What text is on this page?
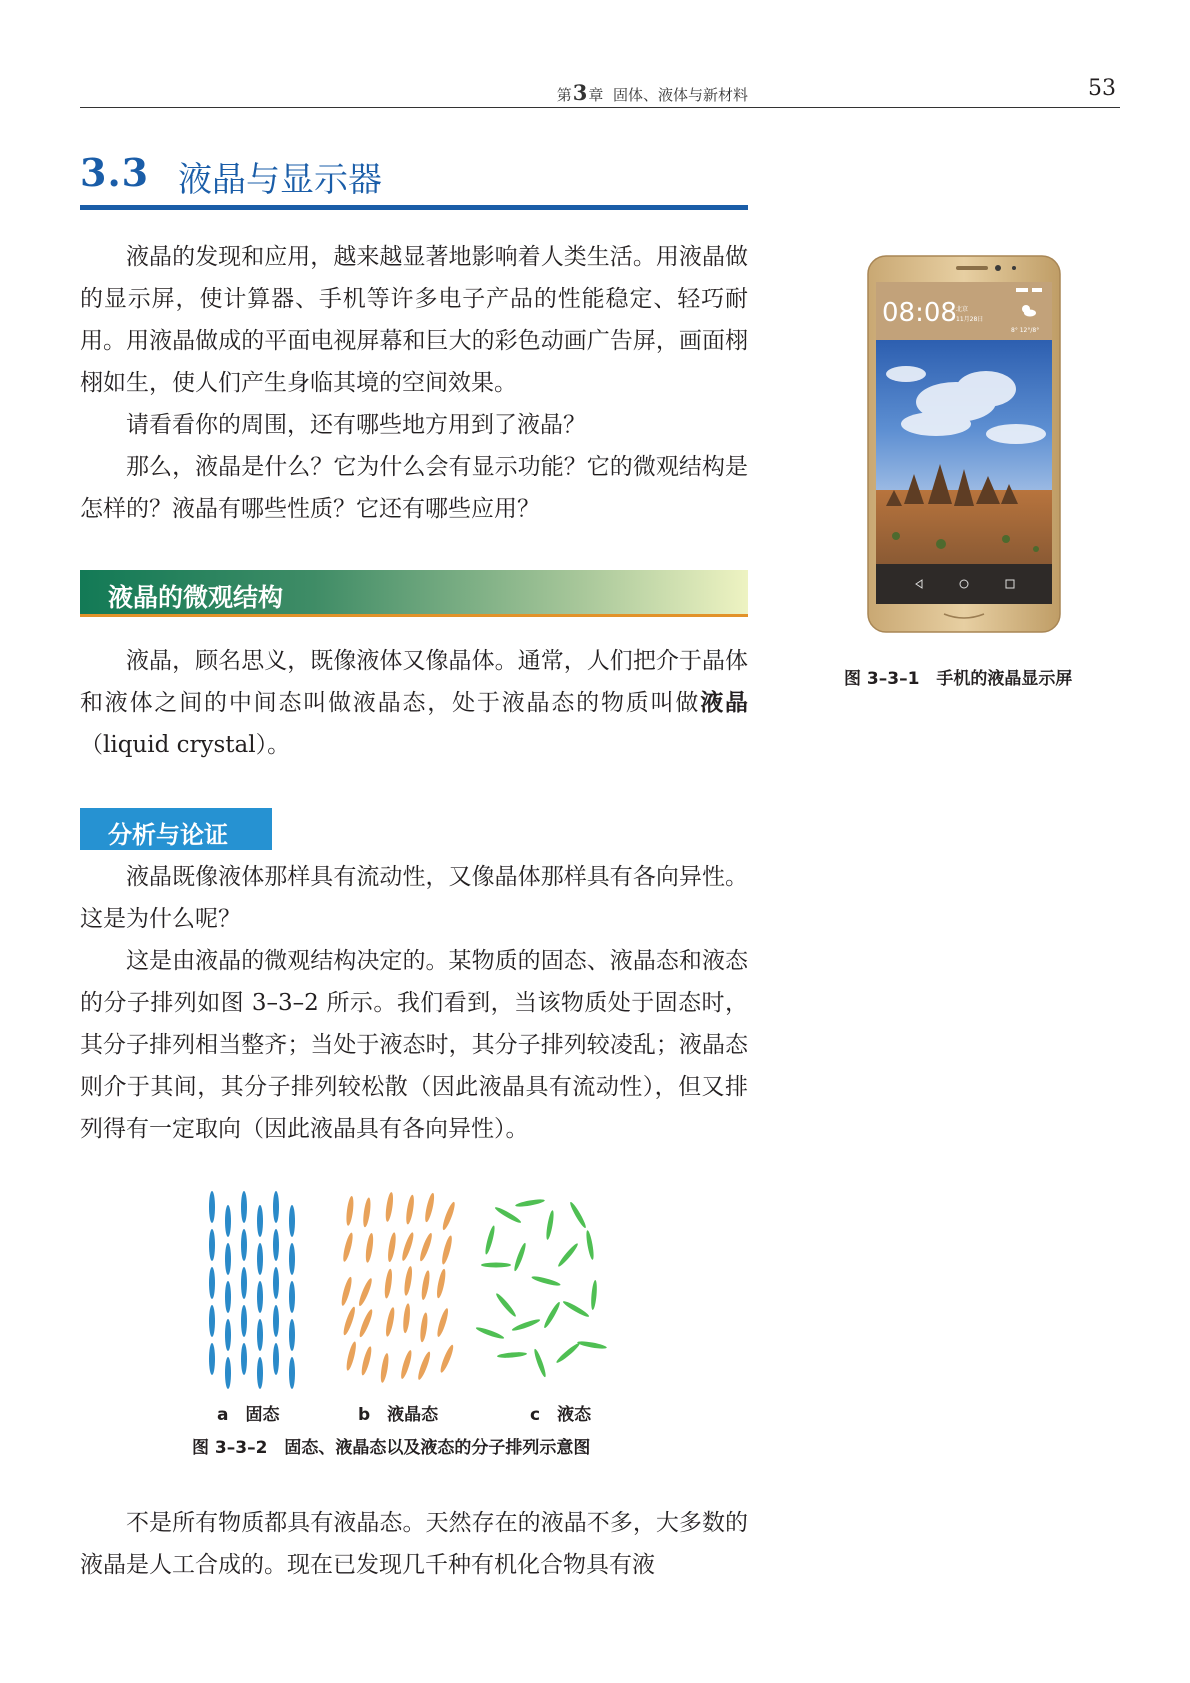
第3章 固体、液体与新材料	53
3.3 液晶与显示器

液晶的发现和应用，越来越显著地影响着人类生活。用液晶做的显示屏，使计算器、手机等许多电子产品的性能稳定、轻巧耐用。用液晶做成的平面电视屏幕和巨大的彩色动画广告屏，画面栩栩如生，使人们产生身临其境的空间效果。

请看看你的周围，还有哪些地方用到了液晶？

那么，液晶是什么？它为什么会有显示功能？它的微观结构是怎样的？液晶有哪些性质？它还有哪些应用？

液晶的微观结构

液晶，顾名思义，既像液体又像晶体。通常，人们把介于晶体和液体之间的中间态叫做液晶态，处于液晶态的物质叫做液晶（liquid crystal）。

分析与论证

液晶既像液体那样具有流动性，又像晶体那样具有各向异性。这是为什么呢？

这是由液晶的微观结构决定的。某物质的固态、液晶态和液态的分子排列如图 3–3–2 所示。我们看到，当该物质处于固态时，其分子排列相当整齐；当处于液态时，其分子排列较凌乱；液晶态则介于其间，其分子排列较松散（因此液晶具有流动性），但又排列得有一定取向（因此液晶具有各向异性）。

a　固态	b　液晶态	c　液态
图 3–3–2　固态、液晶态以及液态的分子排列示意图

不是所有物质都具有液晶态。天然存在的液晶不多，大多数的液晶是人工合成的。现在已发现几千种有机化合物具有液

08:08 北京
11月28日
8° 12°/8°
图 3–3–1　手机的液晶显示屏
